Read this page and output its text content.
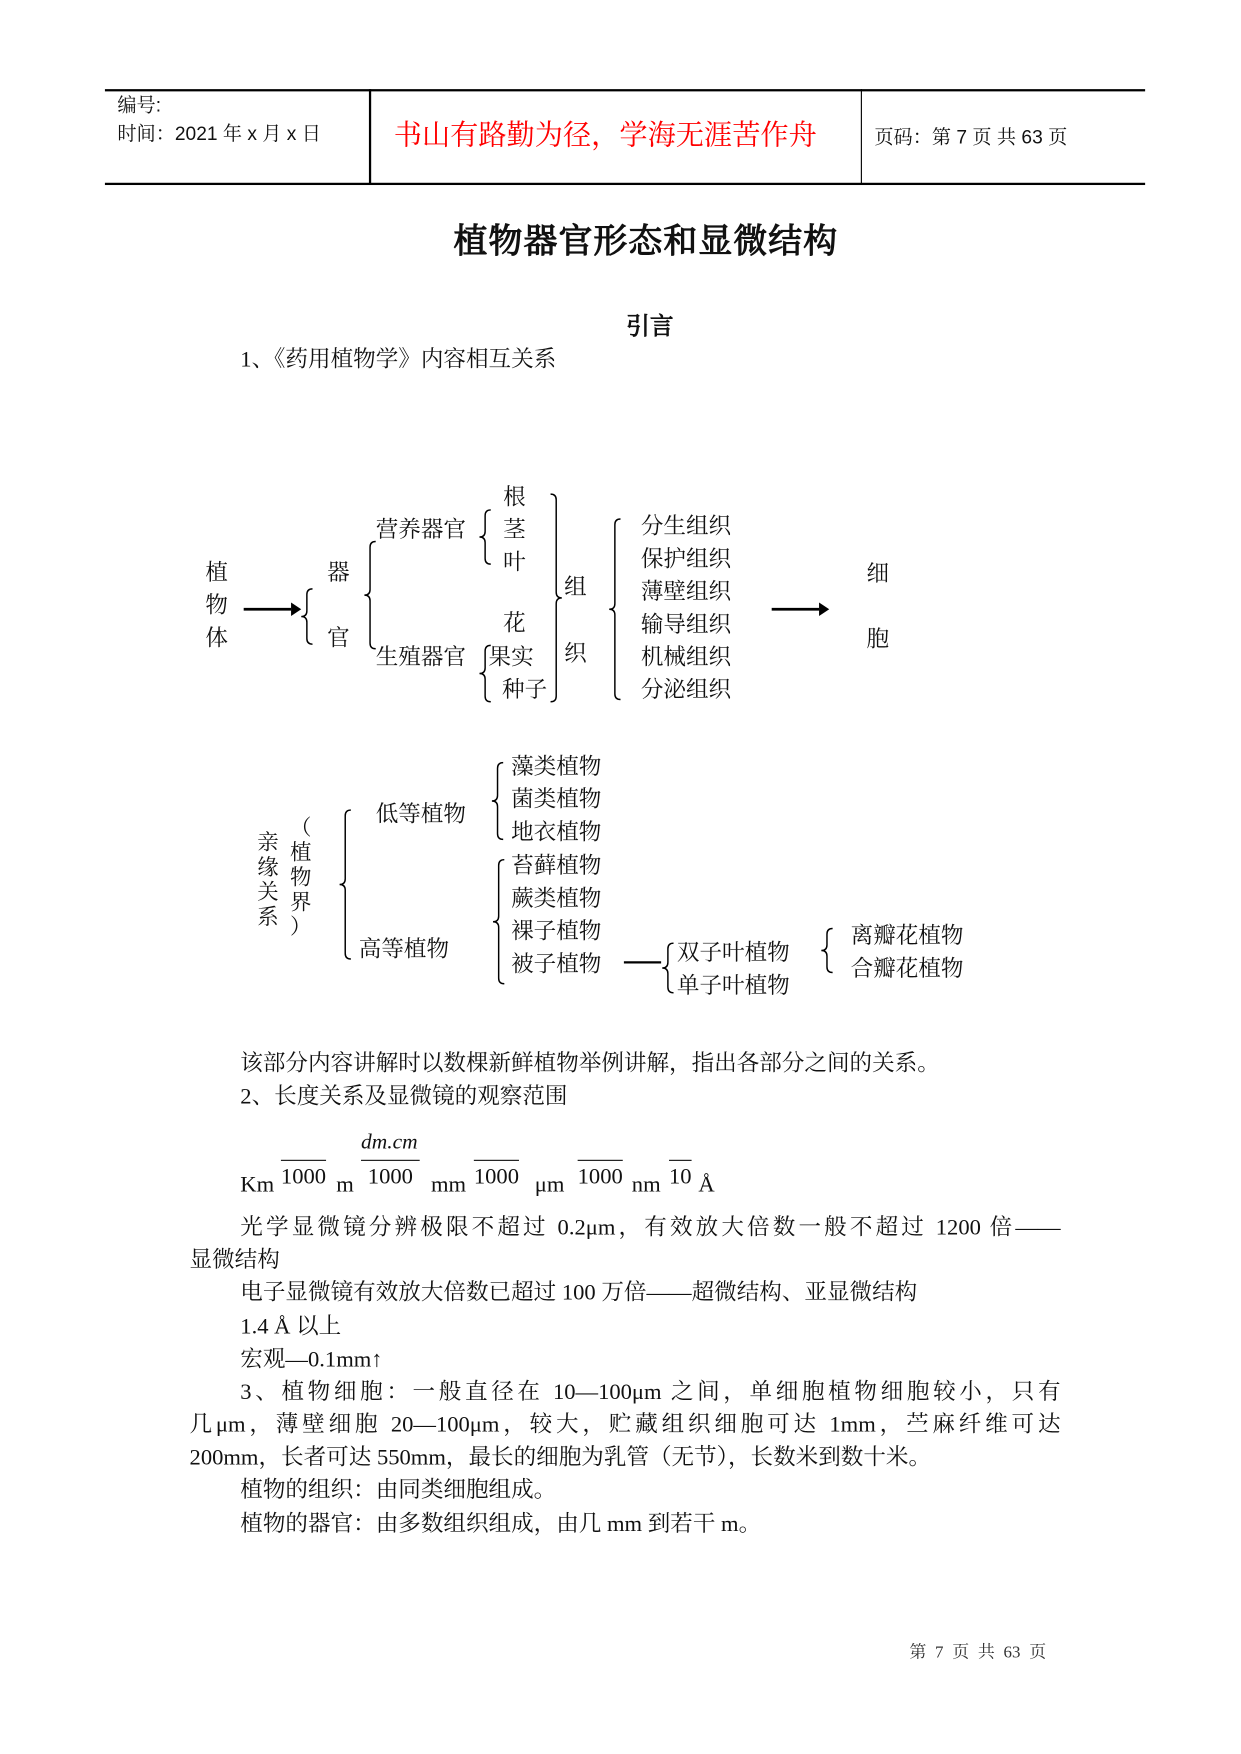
编号:
时间：2021 年 x 月 x 日	书山有路勤为径，学海无涯苦作舟	页码：第 7 页 共 63 页
植物器官形态和显微结构
引言
1、《药用植物学》内容相互关系
植
物
体
器
官
营养器官
生殖器官
根
茎
叶
花
果实
种子
组
织
分生组织
保护组织
薄壁组织
输导组织
机械组织
分泌组织
细
胞
亲
缘
关
系
（
植
物
界
）
低等植物
高等植物
藻类植物
菌类植物
地衣植物
苔藓植物
蕨类植物
裸子植物
被子植物	双子叶植物
单子叶植物
离瓣花植物
合瓣花植物
该部分内容讲解时以数棵新鲜植物举例讲解，指出各部分之间的关系。
2、长度关系及显微镜的观察范围
dm.cm
Km 1000 m 1000 mm 1000 μm 1000 nm 10 Å
光学显微镜分辨极限不超过 0.2μm，有效放大倍数一般不超过 1200 倍——
显微结构
电子显微镜有效放大倍数已超过 100 万倍——超微结构、亚显微结构
1.4 Å 以上
宏观—0.1mm↑
3、植物细胞：一般直径在 10—100μm 之间，单细胞植物细胞较小，只有
几μm，薄壁细胞 20—100μm，较大，贮藏组织细胞可达 1mm，苎麻纤维可达
200mm，长者可达 550mm，最长的细胞为乳管（无节），长数米到数十米。
植物的组织：由同类细胞组成。
植物的器官：由多数组织组成，由几 mm 到若干 m。
第 7 页 共 63 页
